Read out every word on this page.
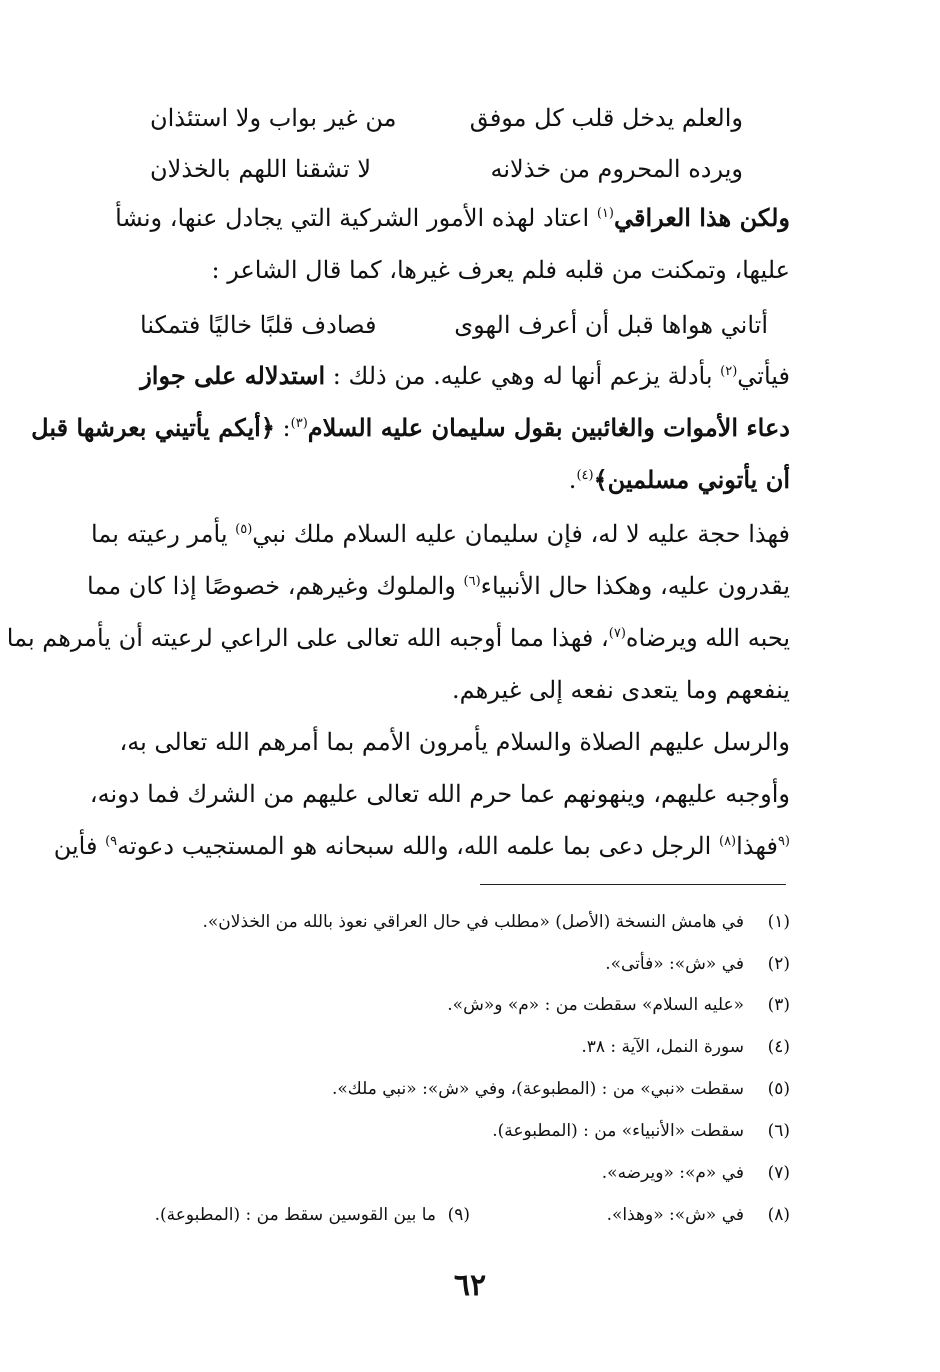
والعلم يدخل قلب كل موفق
من غير بواب ولا استئذان
ويرده المحروم من خذلانه
لا تشقنا اللهم بالخذلان
ولكن هذا العراقي$^{(١)}$ اعتاد لهذه الأمور الشركية التي يجادل عنها، ونشأ
عليها، وتمكنت من قلبه فلم يعرف غيرها، كما قال الشاعر :
أتاني هواها قبل أن أعرف الهوى
فصادف قلبًا خاليًا فتمكنا
فيأتي$^{(٢)}$ بأدلة يزعم أنها له وهي عليه. من ذلك : استدلاله على جواز
دعاء الأموات والغائبين بقول سليمان عليه السلام$^{(٣)}$: ﴿أيكم يأتيني بعرشها قبل
أن يأتوني مسلمين﴾$^{(٤)}$.
فهذا حجة عليه لا له، فإن سليمان عليه السلام ملك نبي$^{(٥)}$ يأمر رعيته بما
يقدرون عليه، وهكذا حال الأنبياء$^{(٦)}$ والملوك وغيرهم، خصوصًا إذا كان مما
يحبه الله ويرضاه$^{(٧)}$، فهذا مما أوجبه الله تعالى على الراعي لرعيته أن يأمرهم بما
ينفعهم وما يتعدى نفعه إلى غيرهم.
والرسل عليهم الصلاة والسلام يأمرون الأمم بما أمرهم الله تعالى به،
وأوجبه عليهم، وينهونهم عما حرم الله تعالى عليهم من الشرك فما دونه،
$^{(٩}$فهذا$^{(٨)}$ الرجل دعى بما علمه الله، والله سبحانه هو المستجيب دعوته$^{٩)}$ فأين
(١)في هامش النسخة (الأصل) «مطلب في حال العراقي نعوذ بالله من الخذلان».
(٢)في «ش»: «فأتى».
(٣)«عليه السلام» سقطت من : «م» و«ش».
(٤)سورة النمل، الآية : ٣٨.
(٥)سقطت «نبي» من : (المطبوعة)، وفي «ش»: «نبي ملك».
(٦)سقطت «الأنبياء» من : (المطبوعة).
(٧)في «م»: «ويرضه».
(٨)في «ش»: «وهذا».
(٩)ما بين القوسين سقط من : (المطبوعة).
٦٢
